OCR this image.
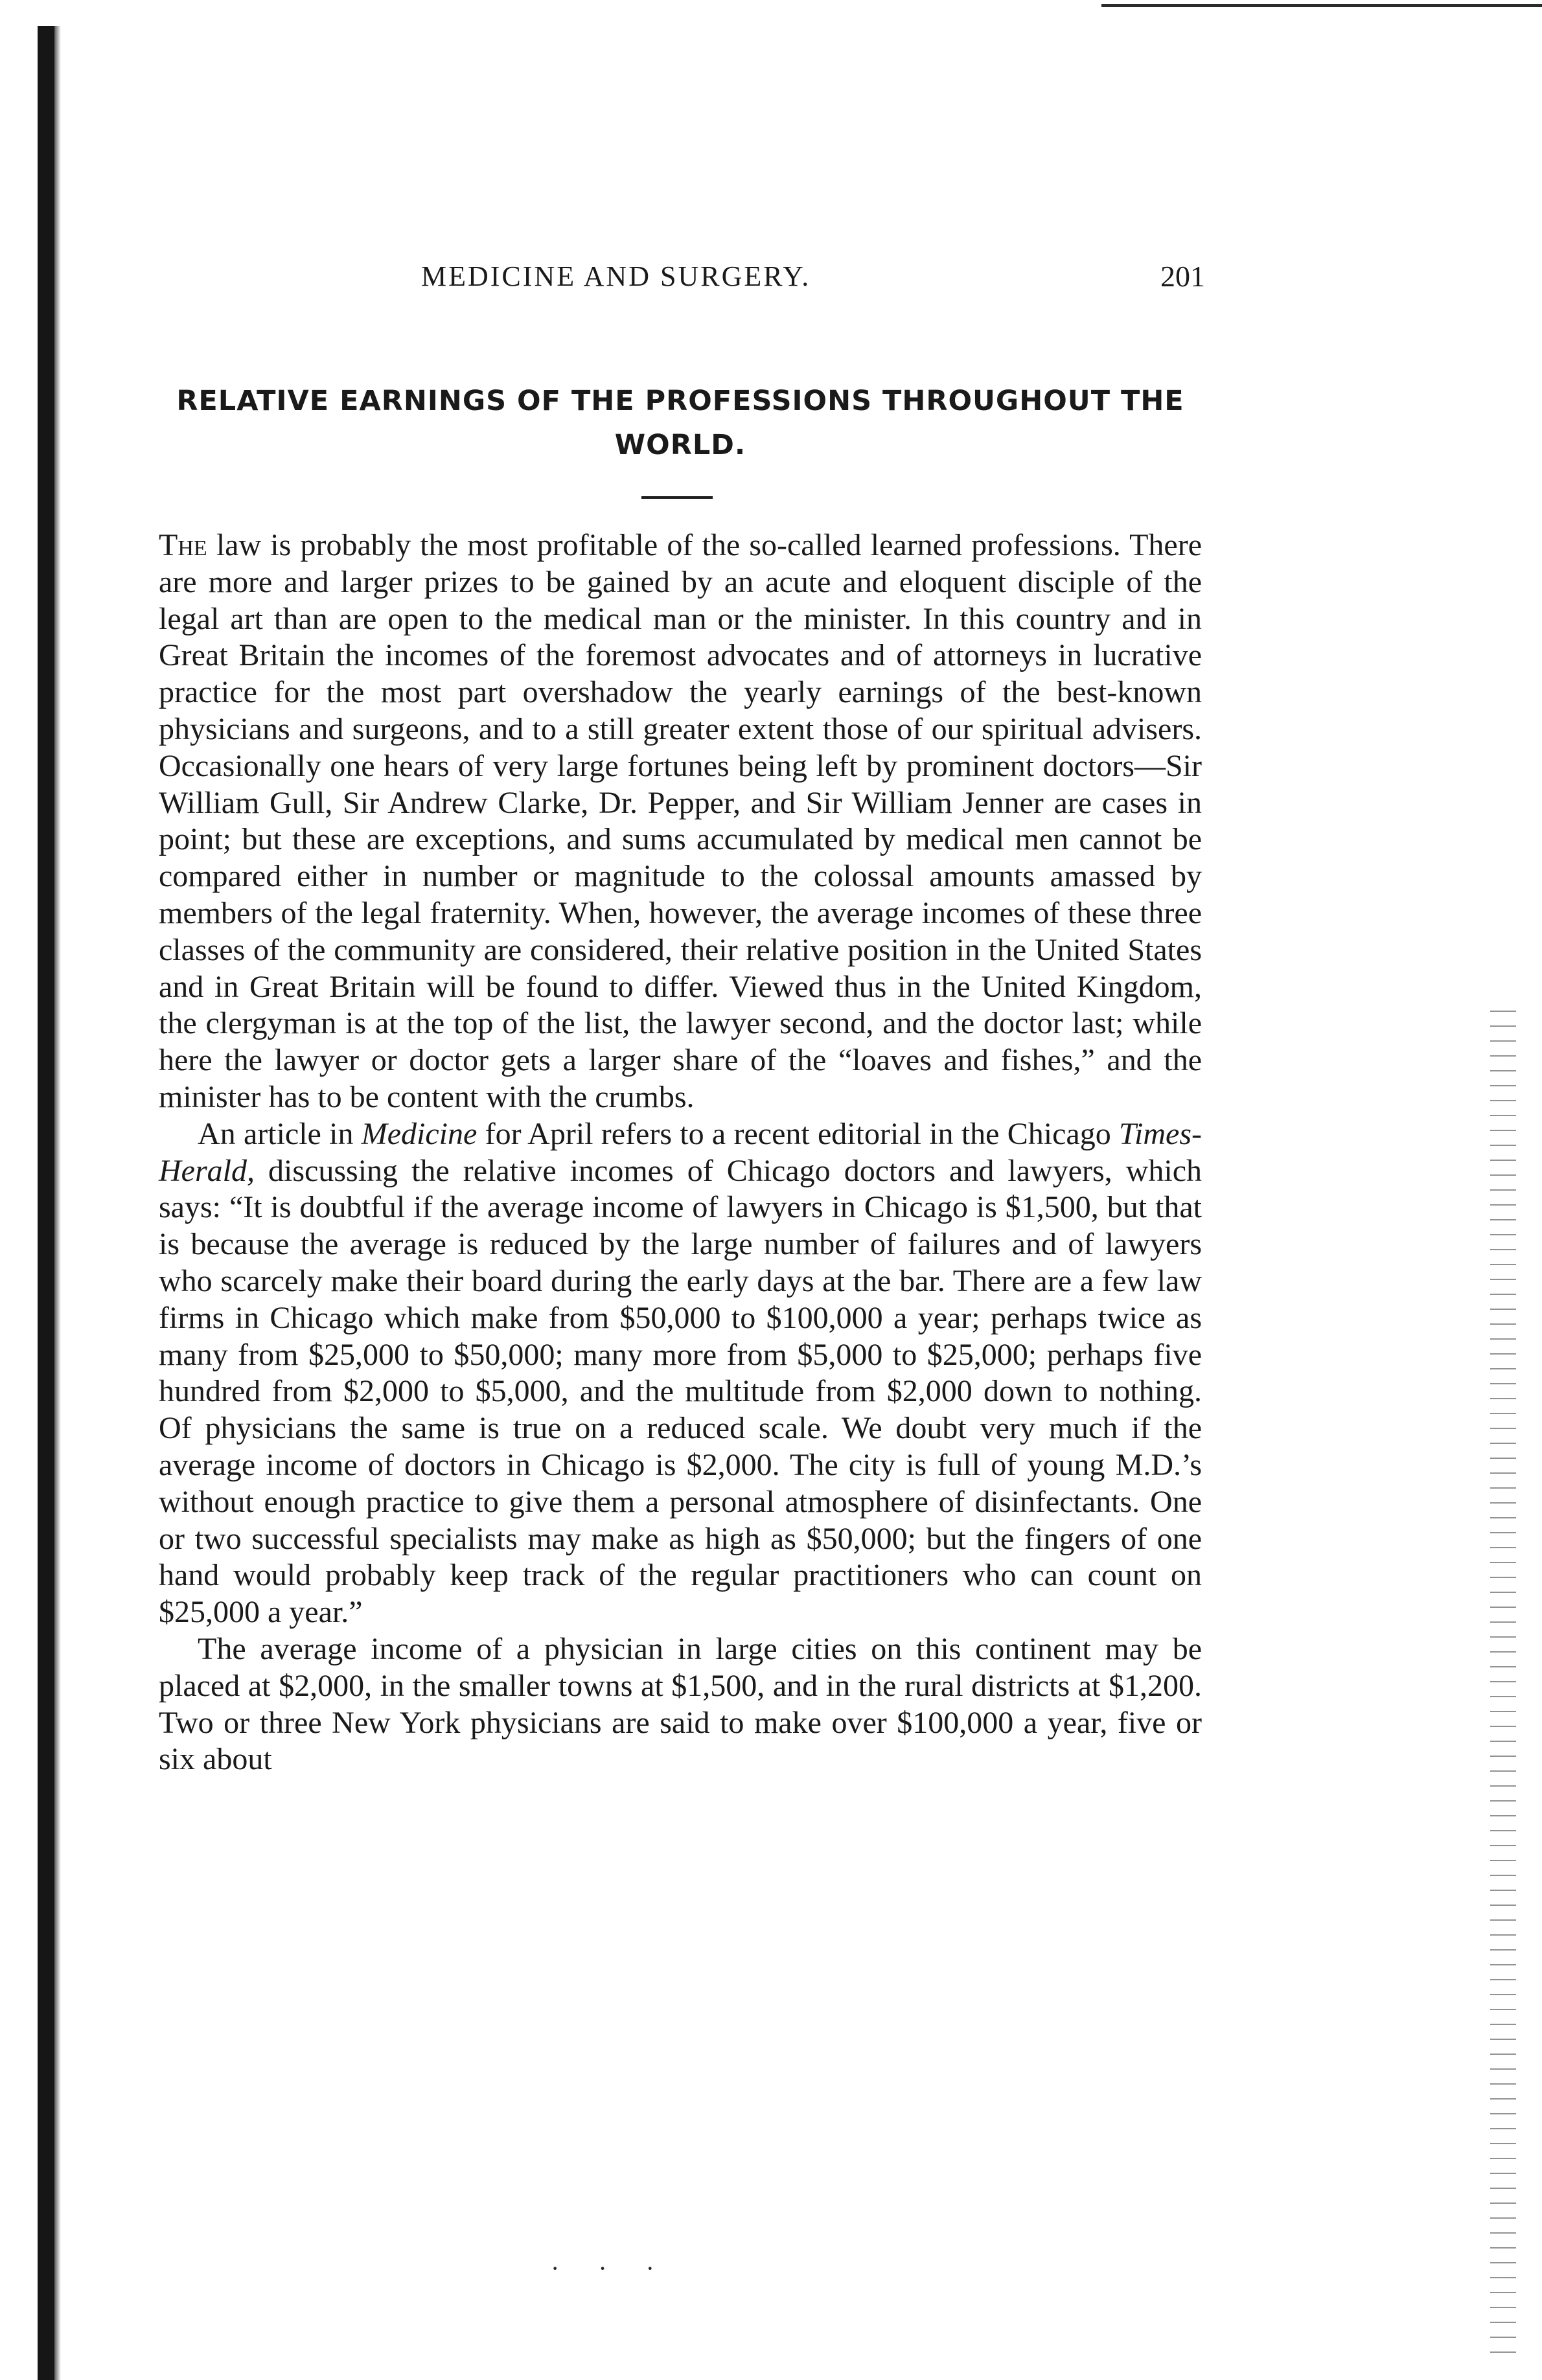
MEDICINE AND SURGERY.	201
RELATIVE EARNINGS OF THE PROFESSIONS THROUGHOUT THE WORLD.

The law is probably the most profitable of the so-called learned professions. There are more and larger prizes to be gained by an acute and eloquent disciple of the legal art than are open to the medical man or the minister. In this country and in Great Britain the incomes of the foremost advocates and of attorneys in lucrative practice for the most part overshadow the yearly earnings of the best-known physicians and surgeons, and to a still greater extent those of our spiritual advisers. Occasionally one hears of very large fortunes being left by prominent doctors—Sir William Gull, Sir Andrew Clarke, Dr. Pepper, and Sir William Jenner are cases in point; but these are exceptions, and sums accumulated by medical men cannot be compared either in number or magnitude to the colossal amounts amassed by members of the legal fraternity. When, however, the average incomes of these three classes of the community are considered, their relative position in the United States and in Great Britain will be found to differ. Viewed thus in the United Kingdom, the clergyman is at the top of the list, the lawyer second, and the doctor last; while here the lawyer or doctor gets a larger share of the “loaves and fishes,” and the minister has to be content with the crumbs.

An article in Medicine for April refers to a recent editorial in the Chicago Times-Herald, discussing the relative incomes of Chicago doctors and lawyers, which says: “It is doubtful if the average income of lawyers in Chicago is $1,500, but that is because the average is reduced by the large number of failures and of lawyers who scarcely make their board during the early days at the bar. There are a few law firms in Chicago which make from $50,000 to $100,000 a year; perhaps twice as many from $25,000 to $50,000; many more from $5,000 to $25,000; perhaps five hundred from $2,000 to $5,000, and the multitude from $2,000 down to nothing. Of physicians the same is true on a reduced scale. We doubt very much if the average income of doctors in Chicago is $2,000. The city is full of young M.D.’s without enough practice to give them a personal atmosphere of disinfectants. One or two successful specialists may make as high as $50,000; but the fingers of one hand would probably keep track of the regular practitioners who can count on $25,000 a year.”

The average income of a physician in large cities on this continent may be placed at $2,000, in the smaller towns at $1,500, and in the rural districts at $1,200. Two or three New York physicians are said to make over $100,000 a year, five or six about

···
